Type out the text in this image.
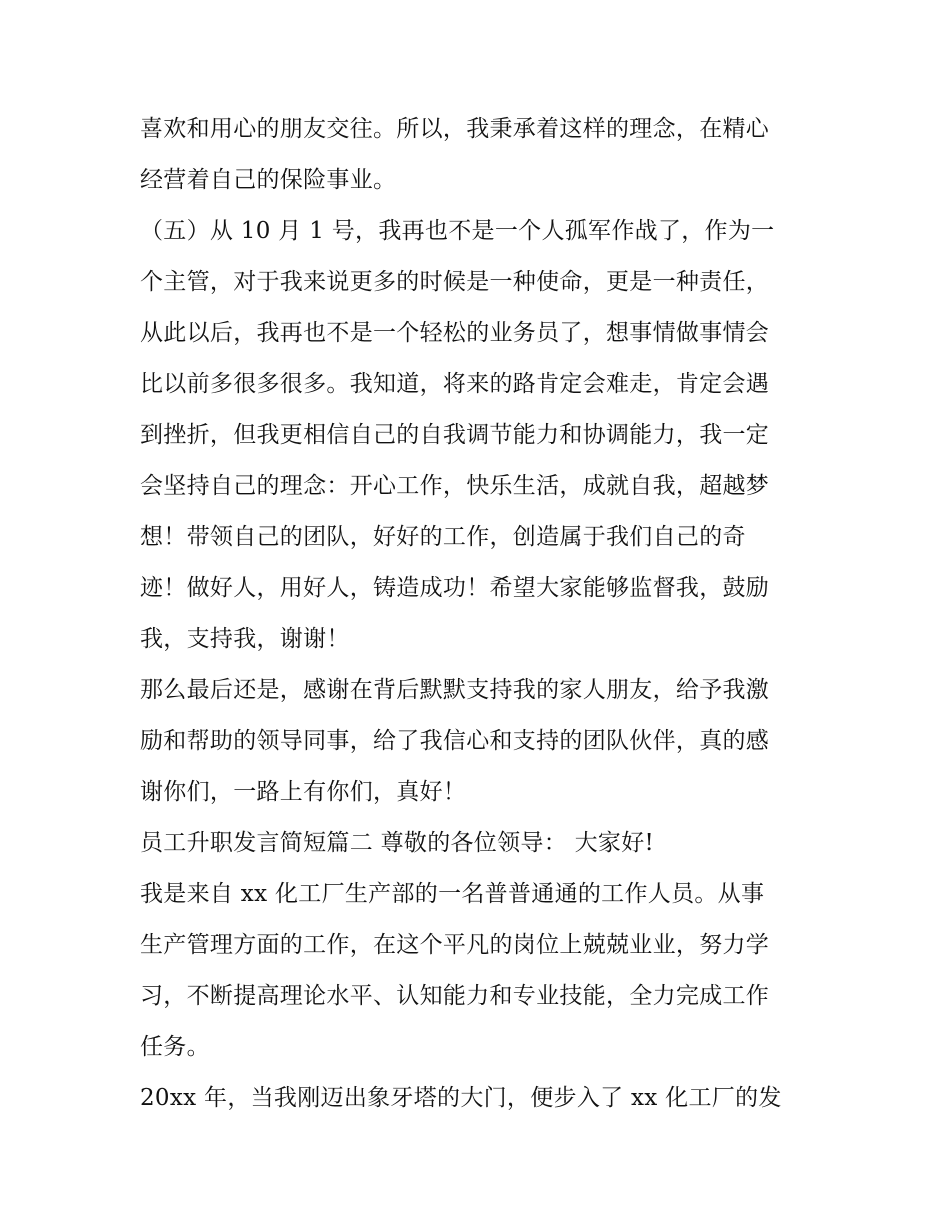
喜欢和用心的朋友交往。所以，我秉承着这样的理念，在精心
经营着自己的保险事业。
（五）从 10 月 1 号，我再也不是一个人孤军作战了，作为一
个主管，对于我来说更多的时候是一种使命，更是一种责任，
从此以后，我再也不是一个轻松的业务员了，想事情做事情会
比以前多很多很多。我知道，将来的路肯定会难走，肯定会遇
到挫折，但我更相信自己的自我调节能力和协调能力，我一定
会坚持自己的理念：开心工作，快乐生活，成就自我，超越梦
想！带领自己的团队，好好的工作，创造属于我们自己的奇
迹！做好人，用好人，铸造成功！希望大家能够监督我，鼓励
我，支持我，谢谢！
那么最后还是，感谢在背后默默支持我的家人朋友，给予我激
励和帮助的领导同事，给了我信心和支持的团队伙伴，真的感
谢你们，一路上有你们，真好！
员工升职发言简短篇二 尊敬的各位领导： 大家好!
我是来自 xx 化工厂生产部的一名普普通通的工作人员。从事
生产管理方面的工作，在这个平凡的岗位上兢兢业业，努力学
习，不断提高理论水平、认知能力和专业技能，全力完成工作
任务。
20xx 年，当我刚迈出象牙塔的大门，便步入了 xx 化工厂的发
